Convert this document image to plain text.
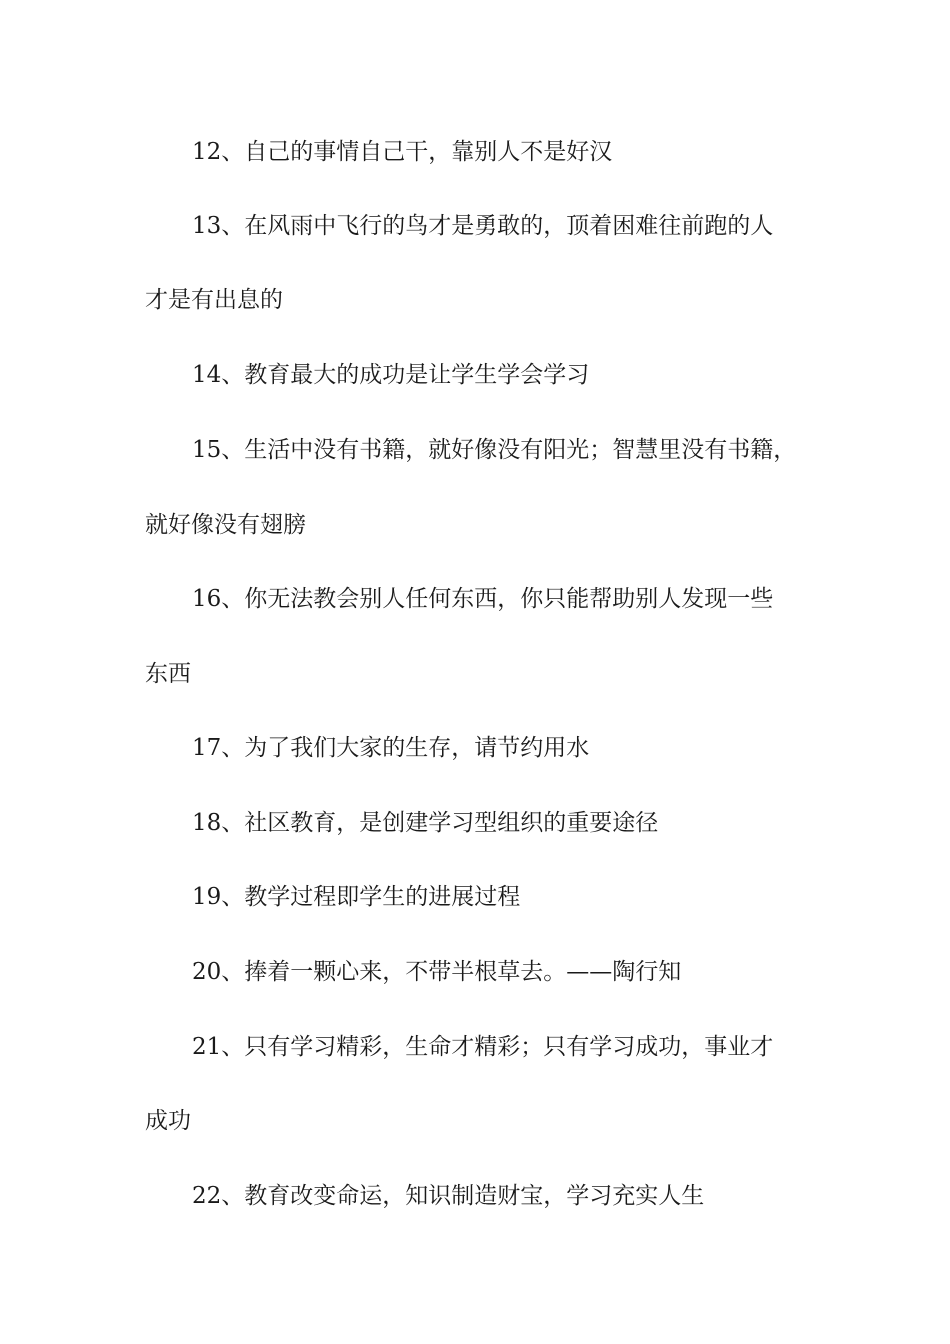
12、自己的事情自己干，靠别人不是好汉
13、在风雨中飞行的鸟才是勇敢的，顶着困难往前跑的人
才是有出息的
14、教育最大的成功是让学生学会学习
15、生活中没有书籍，就好像没有阳光；智慧里没有书籍，
就好像没有翅膀
16、你无法教会别人任何东西，你只能帮助别人发现一些
东西
17、为了我们大家的生存，请节约用水
18、社区教育，是创建学习型组织的重要途径
19、教学过程即学生的进展过程
20、捧着一颗心来，不带半根草去。——陶行知
21、只有学习精彩，生命才精彩；只有学习成功，事业才
成功
22、教育改变命运，知识制造财宝，学习充实人生
